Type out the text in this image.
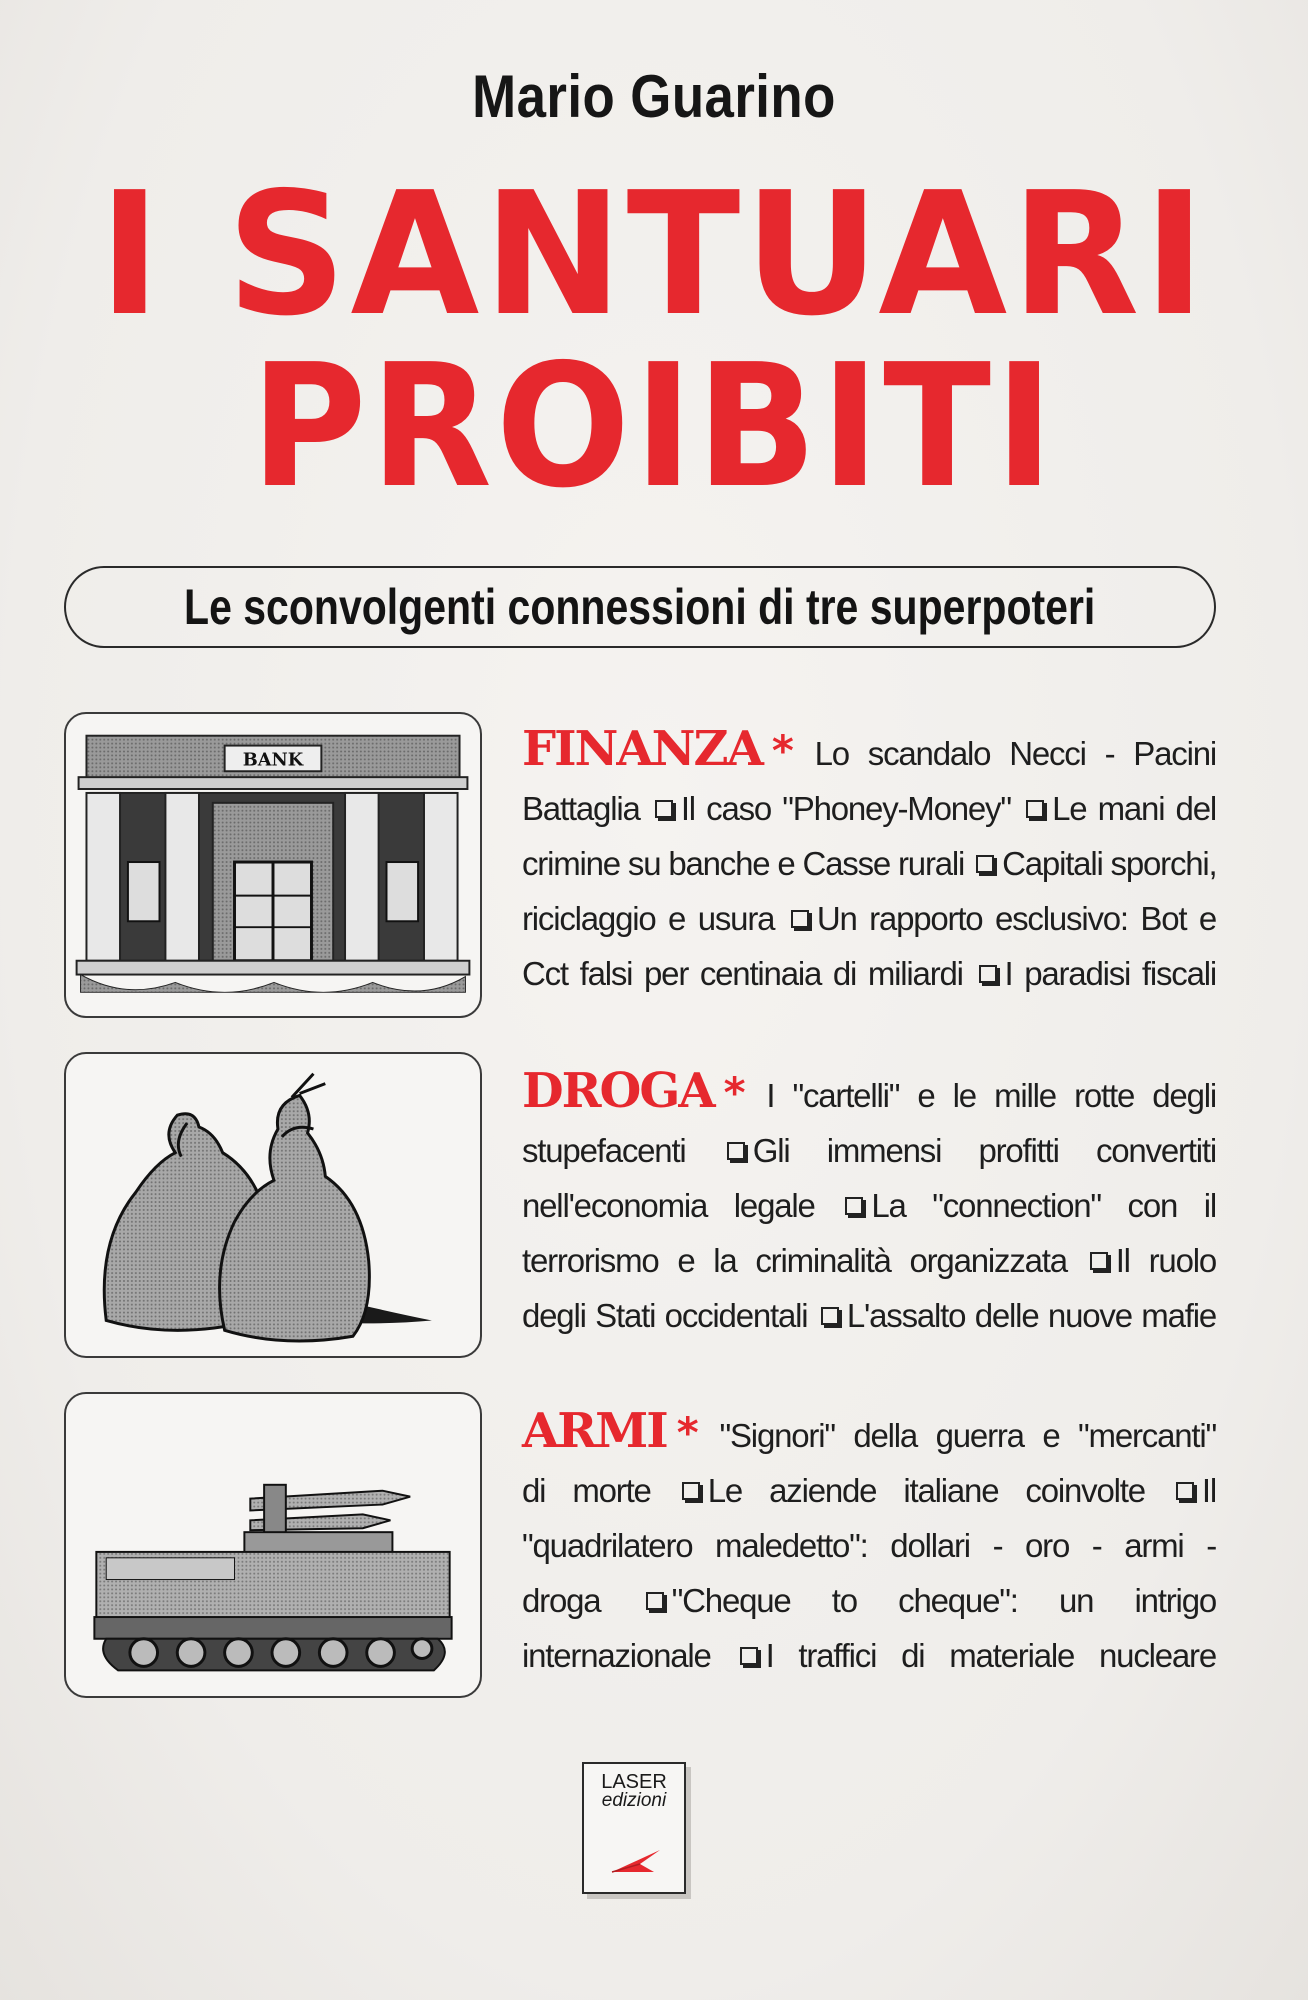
Mario Guarino
I SANTUARI
PROIBITI
Le sconvolgenti connessioni di tre superpoteri
BANK	FINANZA * Lo scandalo Necci - Pacini
Battaglia Il caso "Phoney-Money" Le mani del
crimine su banche e Casse rurali Capitali sporchi,
riciclaggio e usura Un rapporto esclusivo: Bot e
Cct falsi per centinaia di miliardi I paradisi fiscali
DROGA * I "cartelli" e le mille rotte degli
stupefacenti Gli immensi profitti convertiti
nell'economia legale La "connection" con il
terrorismo e la criminalità organizzata Il ruolo
degli Stati occidentali L'assalto delle nuove mafie
ARMI * "Signori" della guerra e "mercanti"
di morte Le aziende italiane coinvolte Il
"quadrilatero maledetto": dollari - oro - armi -
droga "Cheque to cheque": un intrigo
internazionale I traffici di materiale nucleare
LASER
edizioni
